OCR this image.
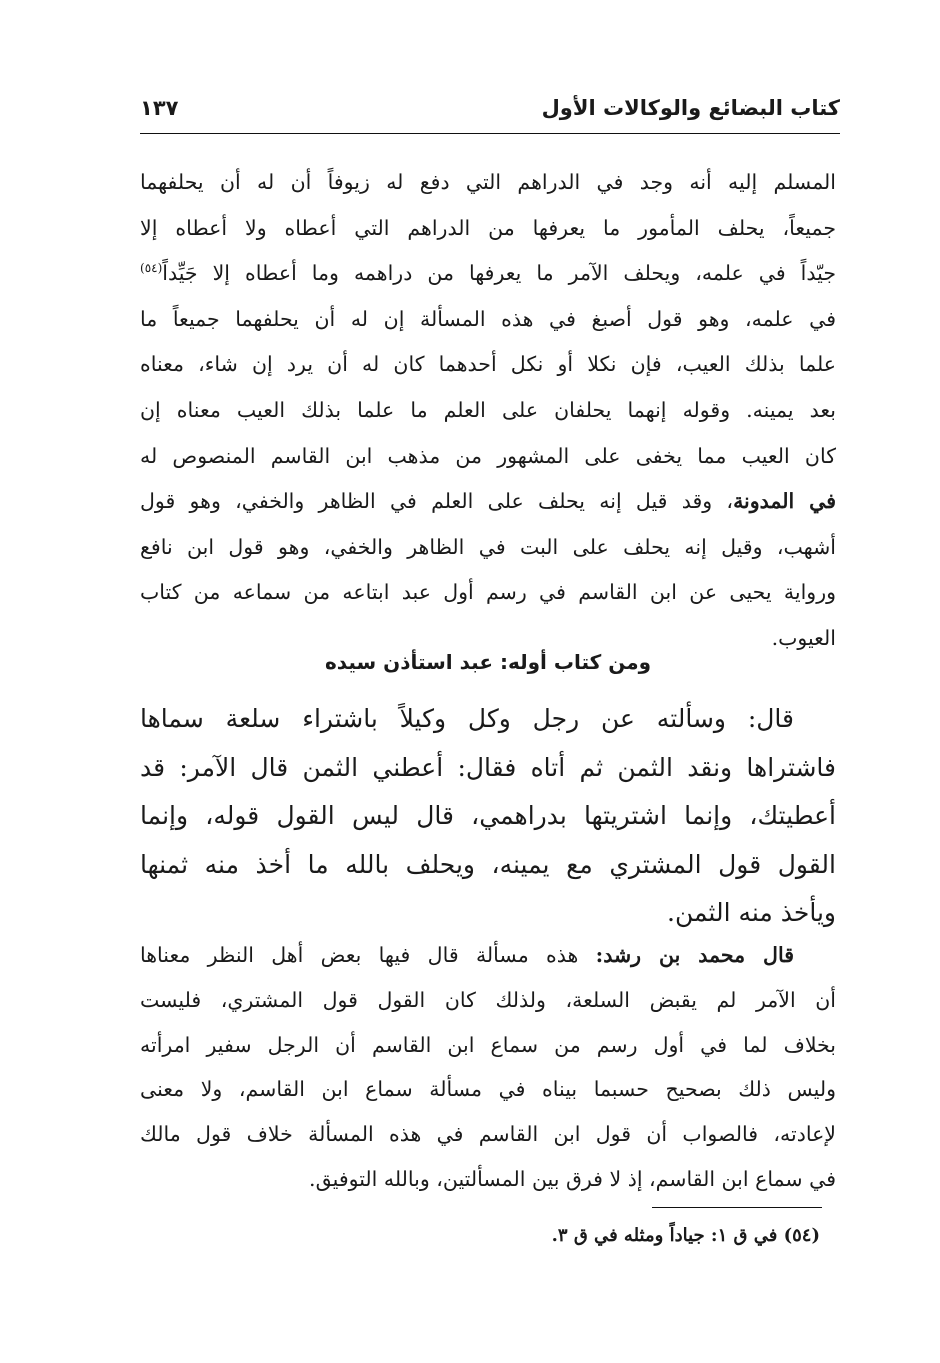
كتاب البضائع والوكالات الأول
١٣٧
المسلم إليه أنه وجد في الدراهم التي دفع له زيوفاً أن له أن يحلفهما
جميعاً، يحلف المأمور ما يعرفها من الدراهم التي أعطاه ولا أعطاه إلا
جيّداً في علمه، ويحلف الآمر ما يعرفها من دراهمه وما أعطاه إلا جَيِّداً$^{(٥٤)}$
في علمه، وهو قول أصبغ في هذه المسألة إن له أن يحلفهما جميعاً ما
علما بذلك العيب، فإن نكلا أو نكل أحدهما كان له أن يرد إن شاء، معناه
بعد يمينه. وقوله إنهما يحلفان على العلم ما علما بذلك العيب معناه إن
كان العيب مما يخفى على المشهور من مذهب ابن القاسم المنصوص له
في المدونة، وقد قيل إنه يحلف على العلم في الظاهر والخفي، وهو قول
أشهب، وقيل إنه يحلف على البت في الظاهر والخفي، وهو قول ابن نافع
ورواية يحيى عن ابن القاسم في رسم أول عبد ابتاعه من سماعه من كتاب
العيوب.
ومن كتاب أوله: عبد استأذن سيده
قال: وسألته عن رجل وكل وكيلاً باشتراء سلعة سماها
فاشتراها ونقد الثمن ثم أتاه فقال: أعطني الثمن قال الآمر: قد
أعطيتك، وإنما اشتريتها بدراهمي، قال ليس القول قوله، وإنما
القول قول المشتري مع يمينه، ويحلف بالله ما أخذ منه ثمنها
ويأخذ منه الثمن.
قال محمد بن رشد: هذه مسألة قال فيها بعض أهل النظر معناها
أن الآمر لم يقبض السلعة، ولذلك كان القول قول المشتري، فليست
بخلاف لما في أول رسم من سماع ابن القاسم أن الرجل سفير امرأته
وليس ذلك بصحيح حسبما بيناه في مسألة سماع ابن القاسم، ولا معنى
لإعادته، فالصواب أن قول ابن القاسم في هذه المسألة خلاف قول مالك
في سماع ابن القاسم، إذ لا فرق بين المسألتين، وبالله التوفيق.
(٥٤) في ق ١: جياداً ومثله في ق ٣.
